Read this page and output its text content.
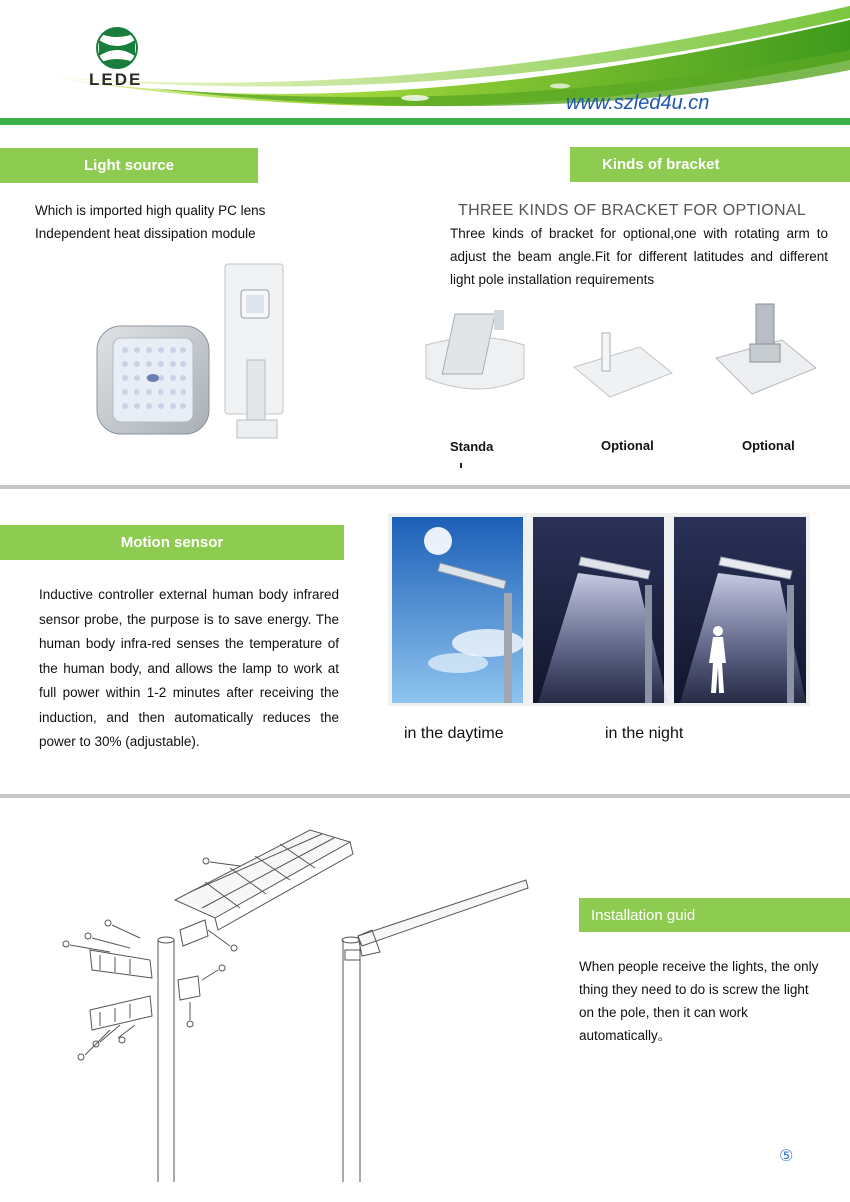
LEDE
www.szled4u.cn
Light source
Which is imported high quality PC lens
Independent heat dissipation module
Kinds of bracket
THREE KINDS OF BRACKET FOR OPTIONAL
Three kinds of bracket for optional,one with rotating arm to adjust the beam angle.Fit for different latitudes and different light pole installation requirements
Standa	Optional	Optional
Motion sensor
Inductive controller external human body infrared sensor probe, the purpose is to save energy. The human body infra-red senses the temperature of the human body, and allows the lamp to work at full power within 1-2 minutes after receiving the induction, and then automatically reduces the power to 30% (adjustable).	in the daytime	in the night
Installation guid
When people receive the lights, the only thing they need to do is screw the light on the pole, then it can work automatically。
⑤
